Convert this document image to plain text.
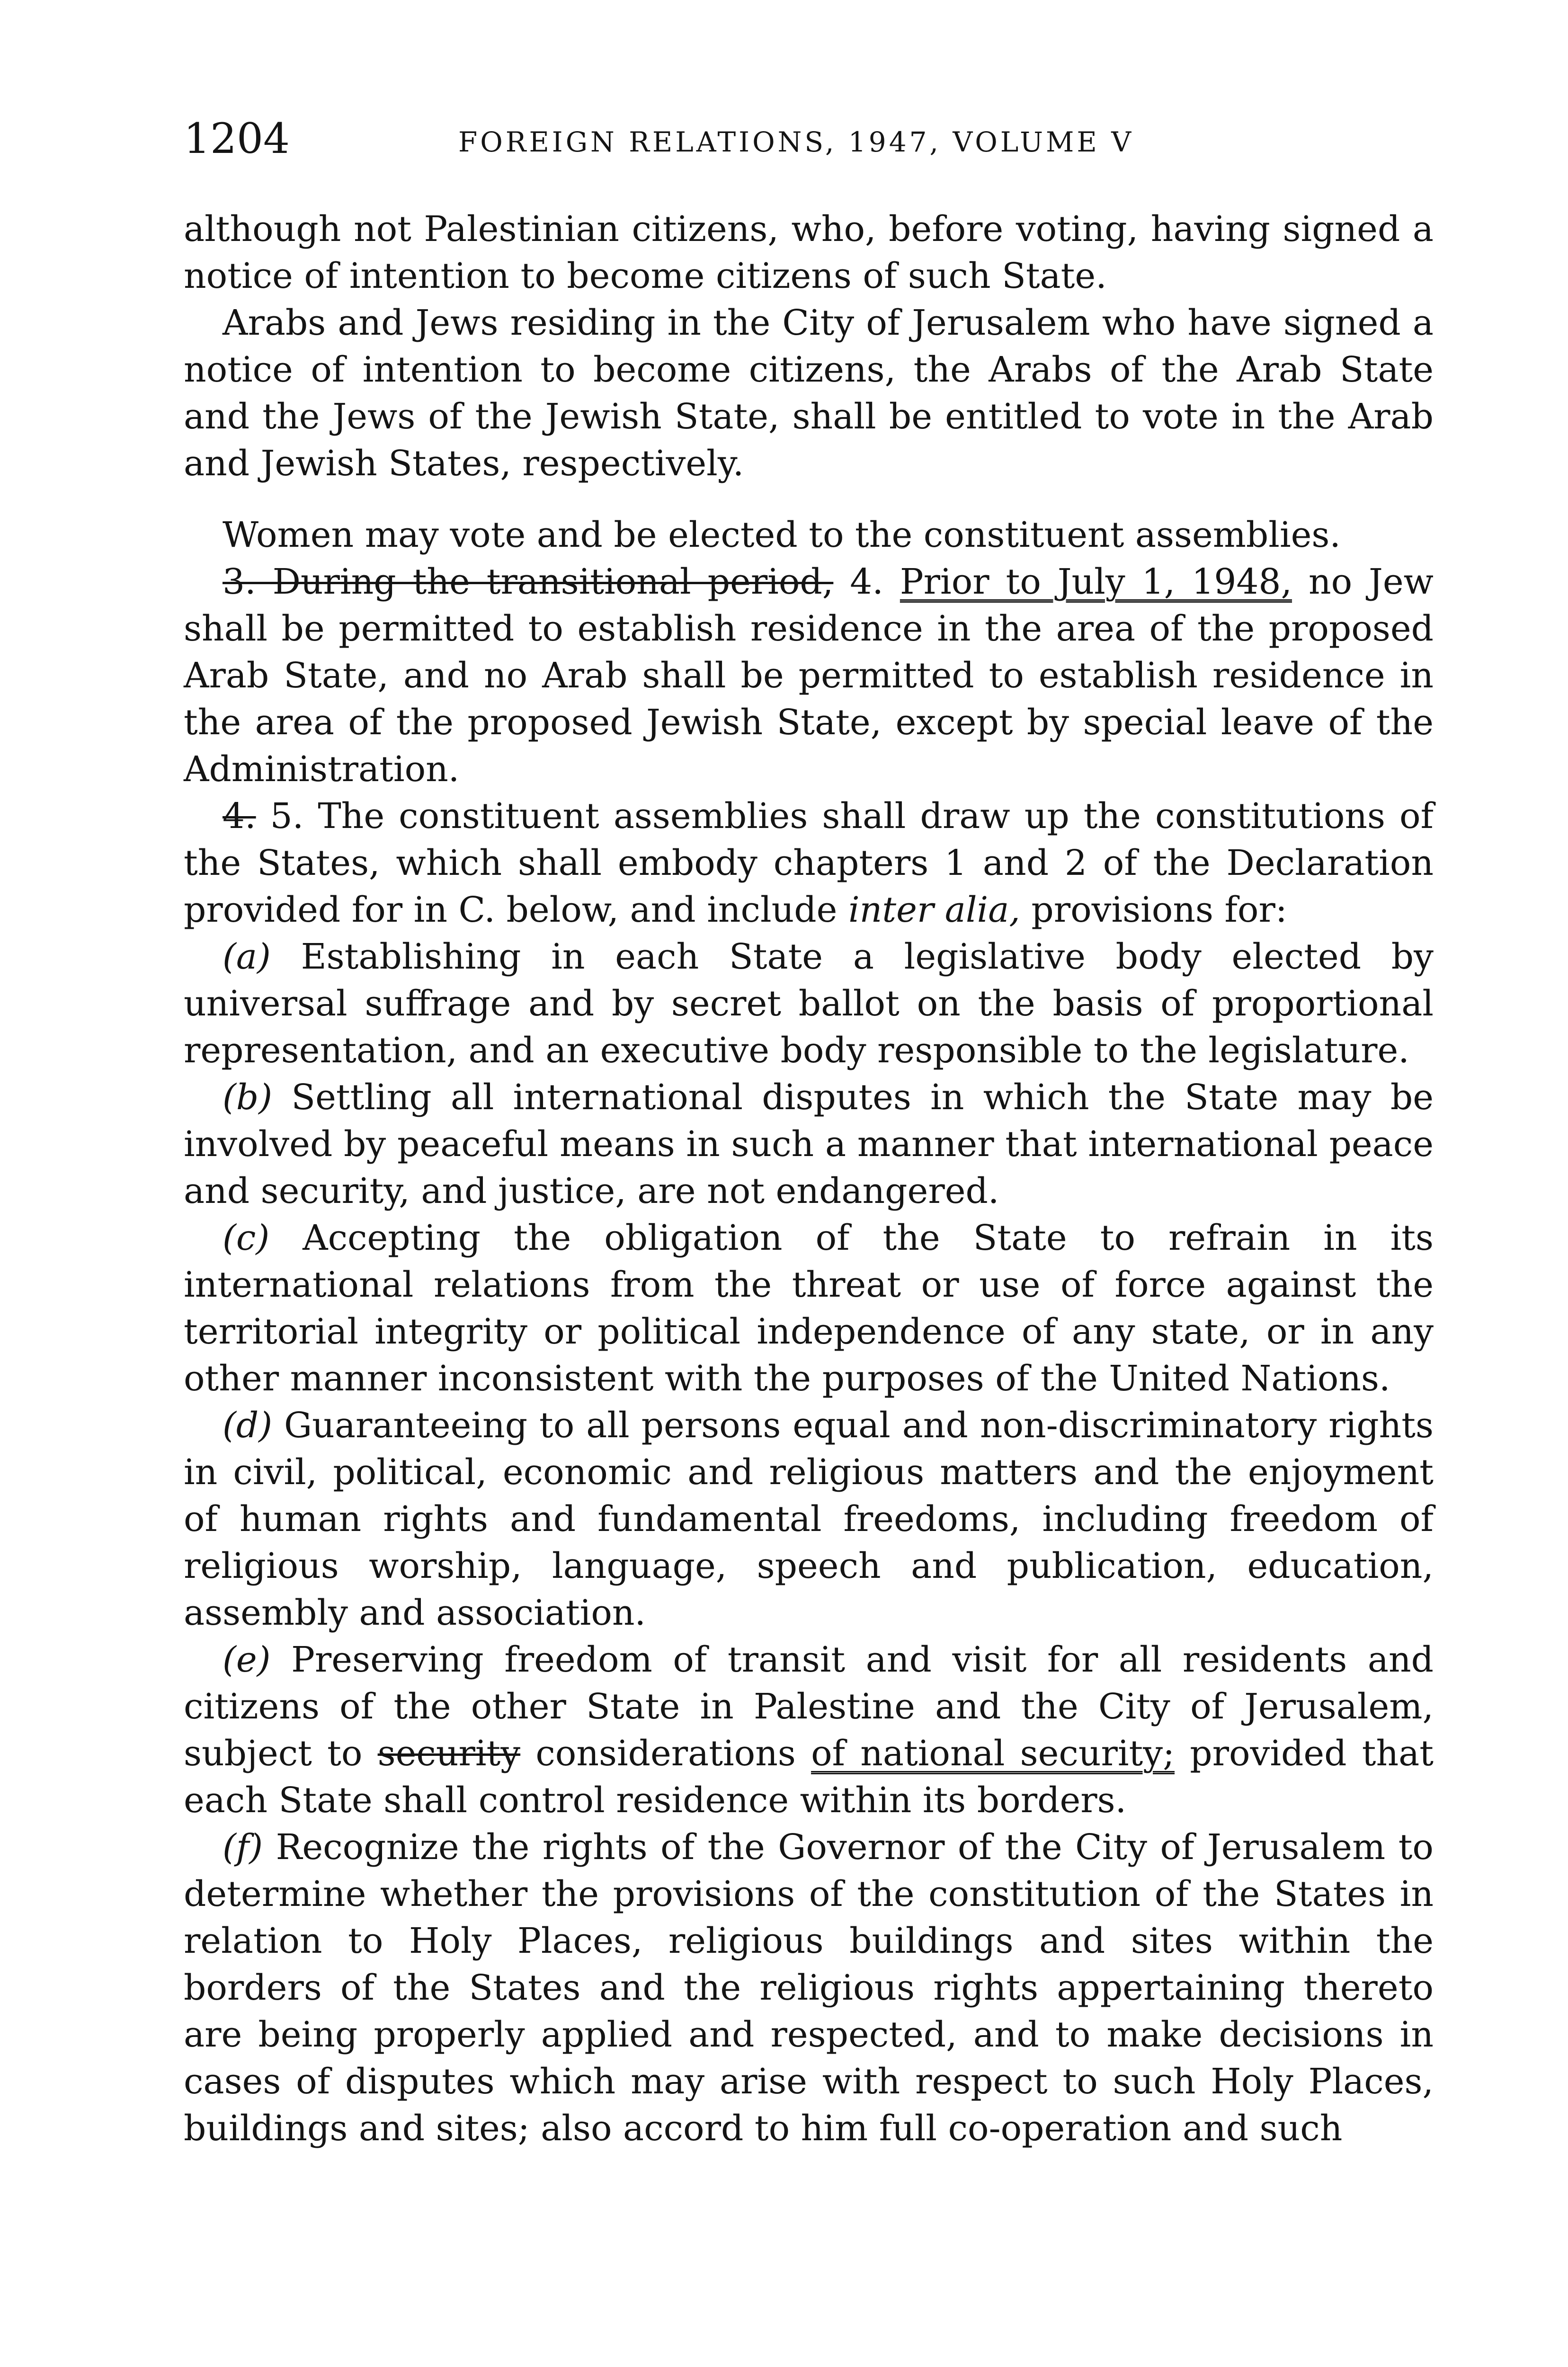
1204	FOREIGN RELATIONS, 1947, VOLUME V

although not Palestinian citizens, who, before voting, having signed a notice of intention to become citizens of such State.

Arabs and Jews residing in the City of Jerusalem who have signed a notice of intention to become citizens, the Arabs of the Arab State and the Jews of the Jewish State, shall be entitled to vote in the Arab and Jewish States, respectively.

Women may vote and be elected to the constituent assemblies.

3. During the transitional period, 4. Prior to July 1, 1948, no Jew shall be permitted to establish residence in the area of the proposed Arab State, and no Arab shall be permitted to establish residence in the area of the proposed Jewish State, except by special leave of the Administration.

4. 5. The constituent assemblies shall draw up the constitutions of the States, which shall embody chapters 1 and 2 of the Declaration provided for in C. below, and include inter alia, provisions for:

(a) Establishing in each State a legislative body elected by universal suffrage and by secret ballot on the basis of proportional representation, and an executive body responsible to the legislature.

(b) Settling all international disputes in which the State may be involved by peaceful means in such a manner that international peace and security, and justice, are not endangered.

(c) Accepting the obligation of the State to refrain in its international relations from the threat or use of force against the territorial integrity or political independence of any state, or in any other manner inconsistent with the purposes of the United Nations.

(d) Guaranteeing to all persons equal and non-discriminatory rights in civil, political, economic and religious matters and the enjoyment of human rights and fundamental freedoms, including freedom of religious worship, language, speech and publication, education, assembly and association.

(e) Preserving freedom of transit and visit for all residents and citizens of the other State in Palestine and the City of Jerusalem, subject to security considerations of national security; provided that each State shall control residence within its borders.

(f) Recognize the rights of the Governor of the City of Jerusalem to determine whether the provisions of the constitution of the States in relation to Holy Places, religious buildings and sites within the borders of the States and the religious rights appertaining thereto are being properly applied and respected, and to make decisions in cases of disputes which may arise with respect to such Holy Places, buildings and sites; also accord to him full co-operation and such
